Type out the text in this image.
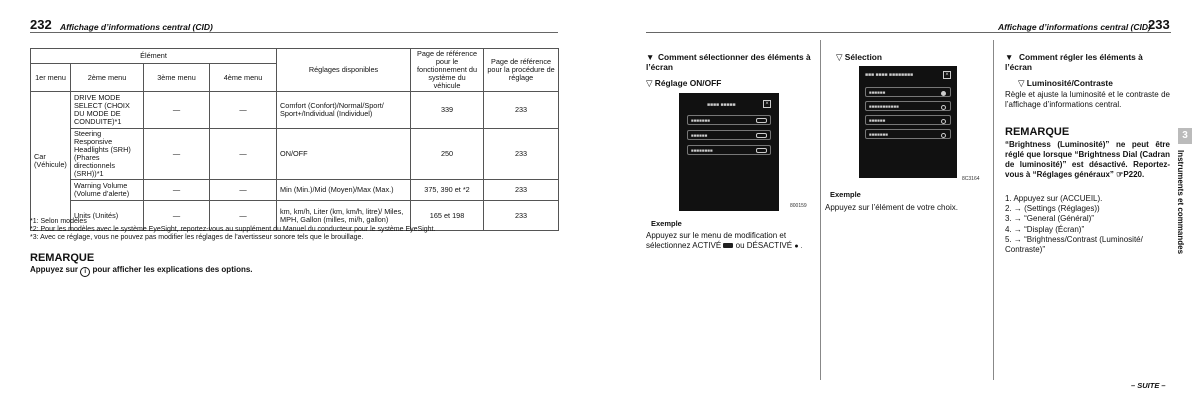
232 Affichage d’informations central (CID)
Élément				Réglages disponibles	Page de référence pour le fonctionnement du système du véhicule	Page de référence pour la procédure de réglage
1er menu	2ème menu	3ème menu	4ème menu			
Car (Véhicule)	DRIVE MODE SELECT (CHOIX DU MODE DE CONDUITE)*1	—	—	Comfort (Confort)/Normal/Sport/ Sport+/Individual (Individuel)	339	233
	Steering Responsive Headlights (SRH) (Phares directionnels (SRH))*1	—	—	ON/OFF	250	233
	Warning Volume (Volume d’alerte)	—	—	Min (Min.)/Mid (Moyen)/Max (Max.)	375, 390 et *2	233
	Units (Unités)	—	—	km, km/h, Liter (km, km/h, litre)/ Miles, MPH, Gallon (milles, mi/h, gallon)	165 et 198	233
*1: Selon modèles
*2: Pour les modèles avec le système EyeSight, reportez-vous au supplément du Manuel du conducteur pour le système EyeSight.
*3: Avec ce réglage, vous ne pouvez pas modifier les réglages de l’avertisseur sonore tels que le brouillage.
REMARQUE
Appuyez sur i pour afficher les explications des options.
Affichage d’informations central (CID)
233
▼ Comment sélectionner des éléments à l’écran
▽ Réglage ON/OFF
■■■■ ■■■■■	×
■■■■■■■
■■■■■■
■■■■■■■■
800159
Exemple
Appuyez sur le menu de modification et sélectionnez ACTIVÉ ou DÉSACTIVÉ ● .
▽ Sélection
■■■ ■■■■ ■■■■■■■■	×
■■■■■■
■■■■■■■■■■■
■■■■■■
■■■■■■■
8C3164
Exemple
Appuyez sur l’élément de votre choix.
▼ Comment régler les éléments à l’écran
▽ Luminosité/Contraste
Règle et ajuste la luminosité et le contraste de l’affichage d’informations central.
REMARQUE
“Brightness (Luminosité)” ne peut être réglé que lorsque “Brightness Dial (Cadran de luminosité)” est désactivé. Reportez-vous à “Réglages généraux” ☞P220.
1. Appuyez sur (ACCUEIL).
2. → (Settings (Réglages))
3. → “General (Général)”
4. → “Display (Écran)”
5. → “Brightness/Contrast (Luminosité/ Contraste)”
– SUITE –
3
Instruments et commandes
